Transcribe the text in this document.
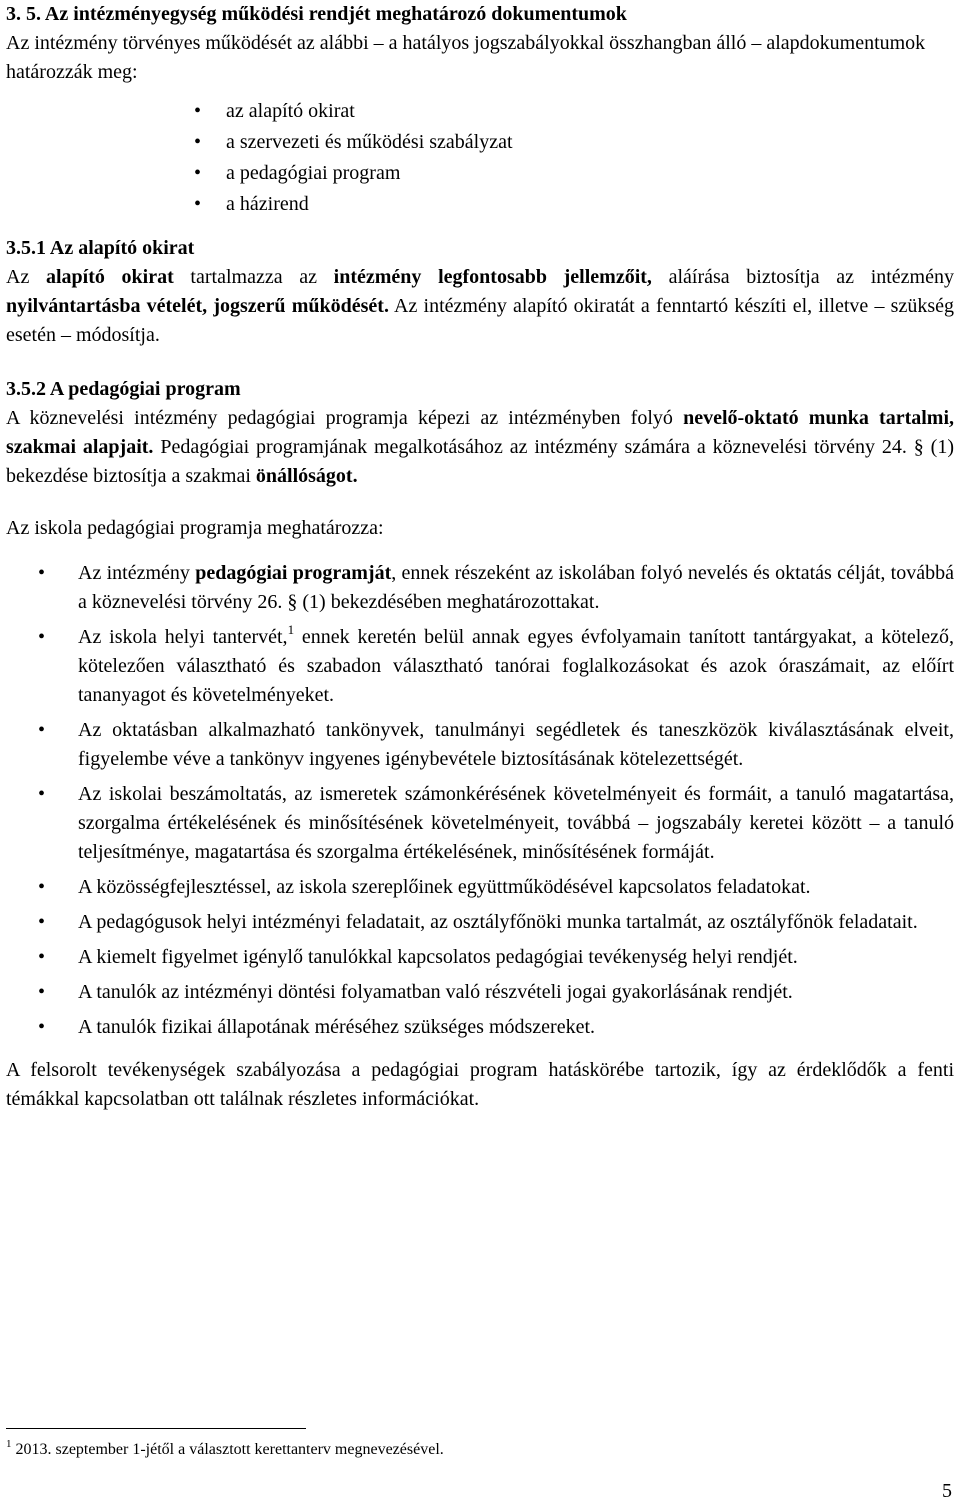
3. 5. Az intézményegység működési rendjét meghatározó dokumentumok

Az intézmény törvényes működését az alábbi – a hatályos jogszabályokkal összhangban álló – alapdokumentumok határozzák meg:

• az alapító okirat
• a szervezeti és működési szabályzat
• a pedagógiai program
• a házirend
3.5.1 Az alapító okirat

Az alapító okirat tartalmazza az intézmény legfontosabb jellemzőit, aláírása biztosítja az intézmény nyilvántartásba vételét, jogszerű működését. Az intézmény alapító okiratát a fenntartó készíti el, illetve – szükség esetén – módosítja.

3.5.2 A pedagógiai program

A köznevelési intézmény pedagógiai programja képezi az intézményben folyó nevelő-oktató munka tartalmi, szakmai alapjait. Pedagógiai programjának megalkotásához az intézmény számára a köznevelési törvény 24. § (1) bekezdése biztosítja a szakmai önállóságot.

Az iskola pedagógiai programja meghatározza:

• Az intézmény pedagógiai programját, ennek részeként az iskolában folyó nevelés és oktatás célját, továbbá a köznevelési törvény 26. § (1) bekezdésében meghatározottakat.
• Az iskola helyi tantervét,$^1$ ennek keretén belül annak egyes évfolyamain tanított tantárgyakat, a kötelező, kötelezően választható és szabadon választható tanórai foglalkozásokat és azok óraszámait, az előírt tananyagot és követelményeket.
• Az oktatásban alkalmazható tankönyvek, tanulmányi segédletek és taneszközök kiválasztásának elveit, figyelembe véve a tankönyv ingyenes igénybevétele biztosításának kötelezettségét.
• Az iskolai beszámoltatás, az ismeretek számonkérésének követelményeit és formáit, a tanuló magatartása, szorgalma értékelésének és minősítésének követelményeit, továbbá – jogszabály keretei között – a tanuló teljesítménye, magatartása és szorgalma értékelésének, minősítésének formáját.
• A közösségfejlesztéssel, az iskola szereplőinek együttműködésével kapcsolatos feladatokat.
• A pedagógusok helyi intézményi feladatait, az osztályfőnöki munka tartalmát, az osztályfőnök feladatait.
• A kiemelt figyelmet igénylő tanulókkal kapcsolatos pedagógiai tevékenység helyi rendjét.
• A tanulók az intézményi döntési folyamatban való részvételi jogai gyakorlásának rendjét.
• A tanulók fizikai állapotának méréséhez szükséges módszereket.

A felsorolt tevékenységek szabályozása a pedagógiai program hatáskörébe tartozik, így az érdeklődők a fenti témákkal kapcsolatban ott találnak részletes információkat.

$^1$ 2013. szeptember 1-jétől a választott kerettanterv megnevezésével.

5
